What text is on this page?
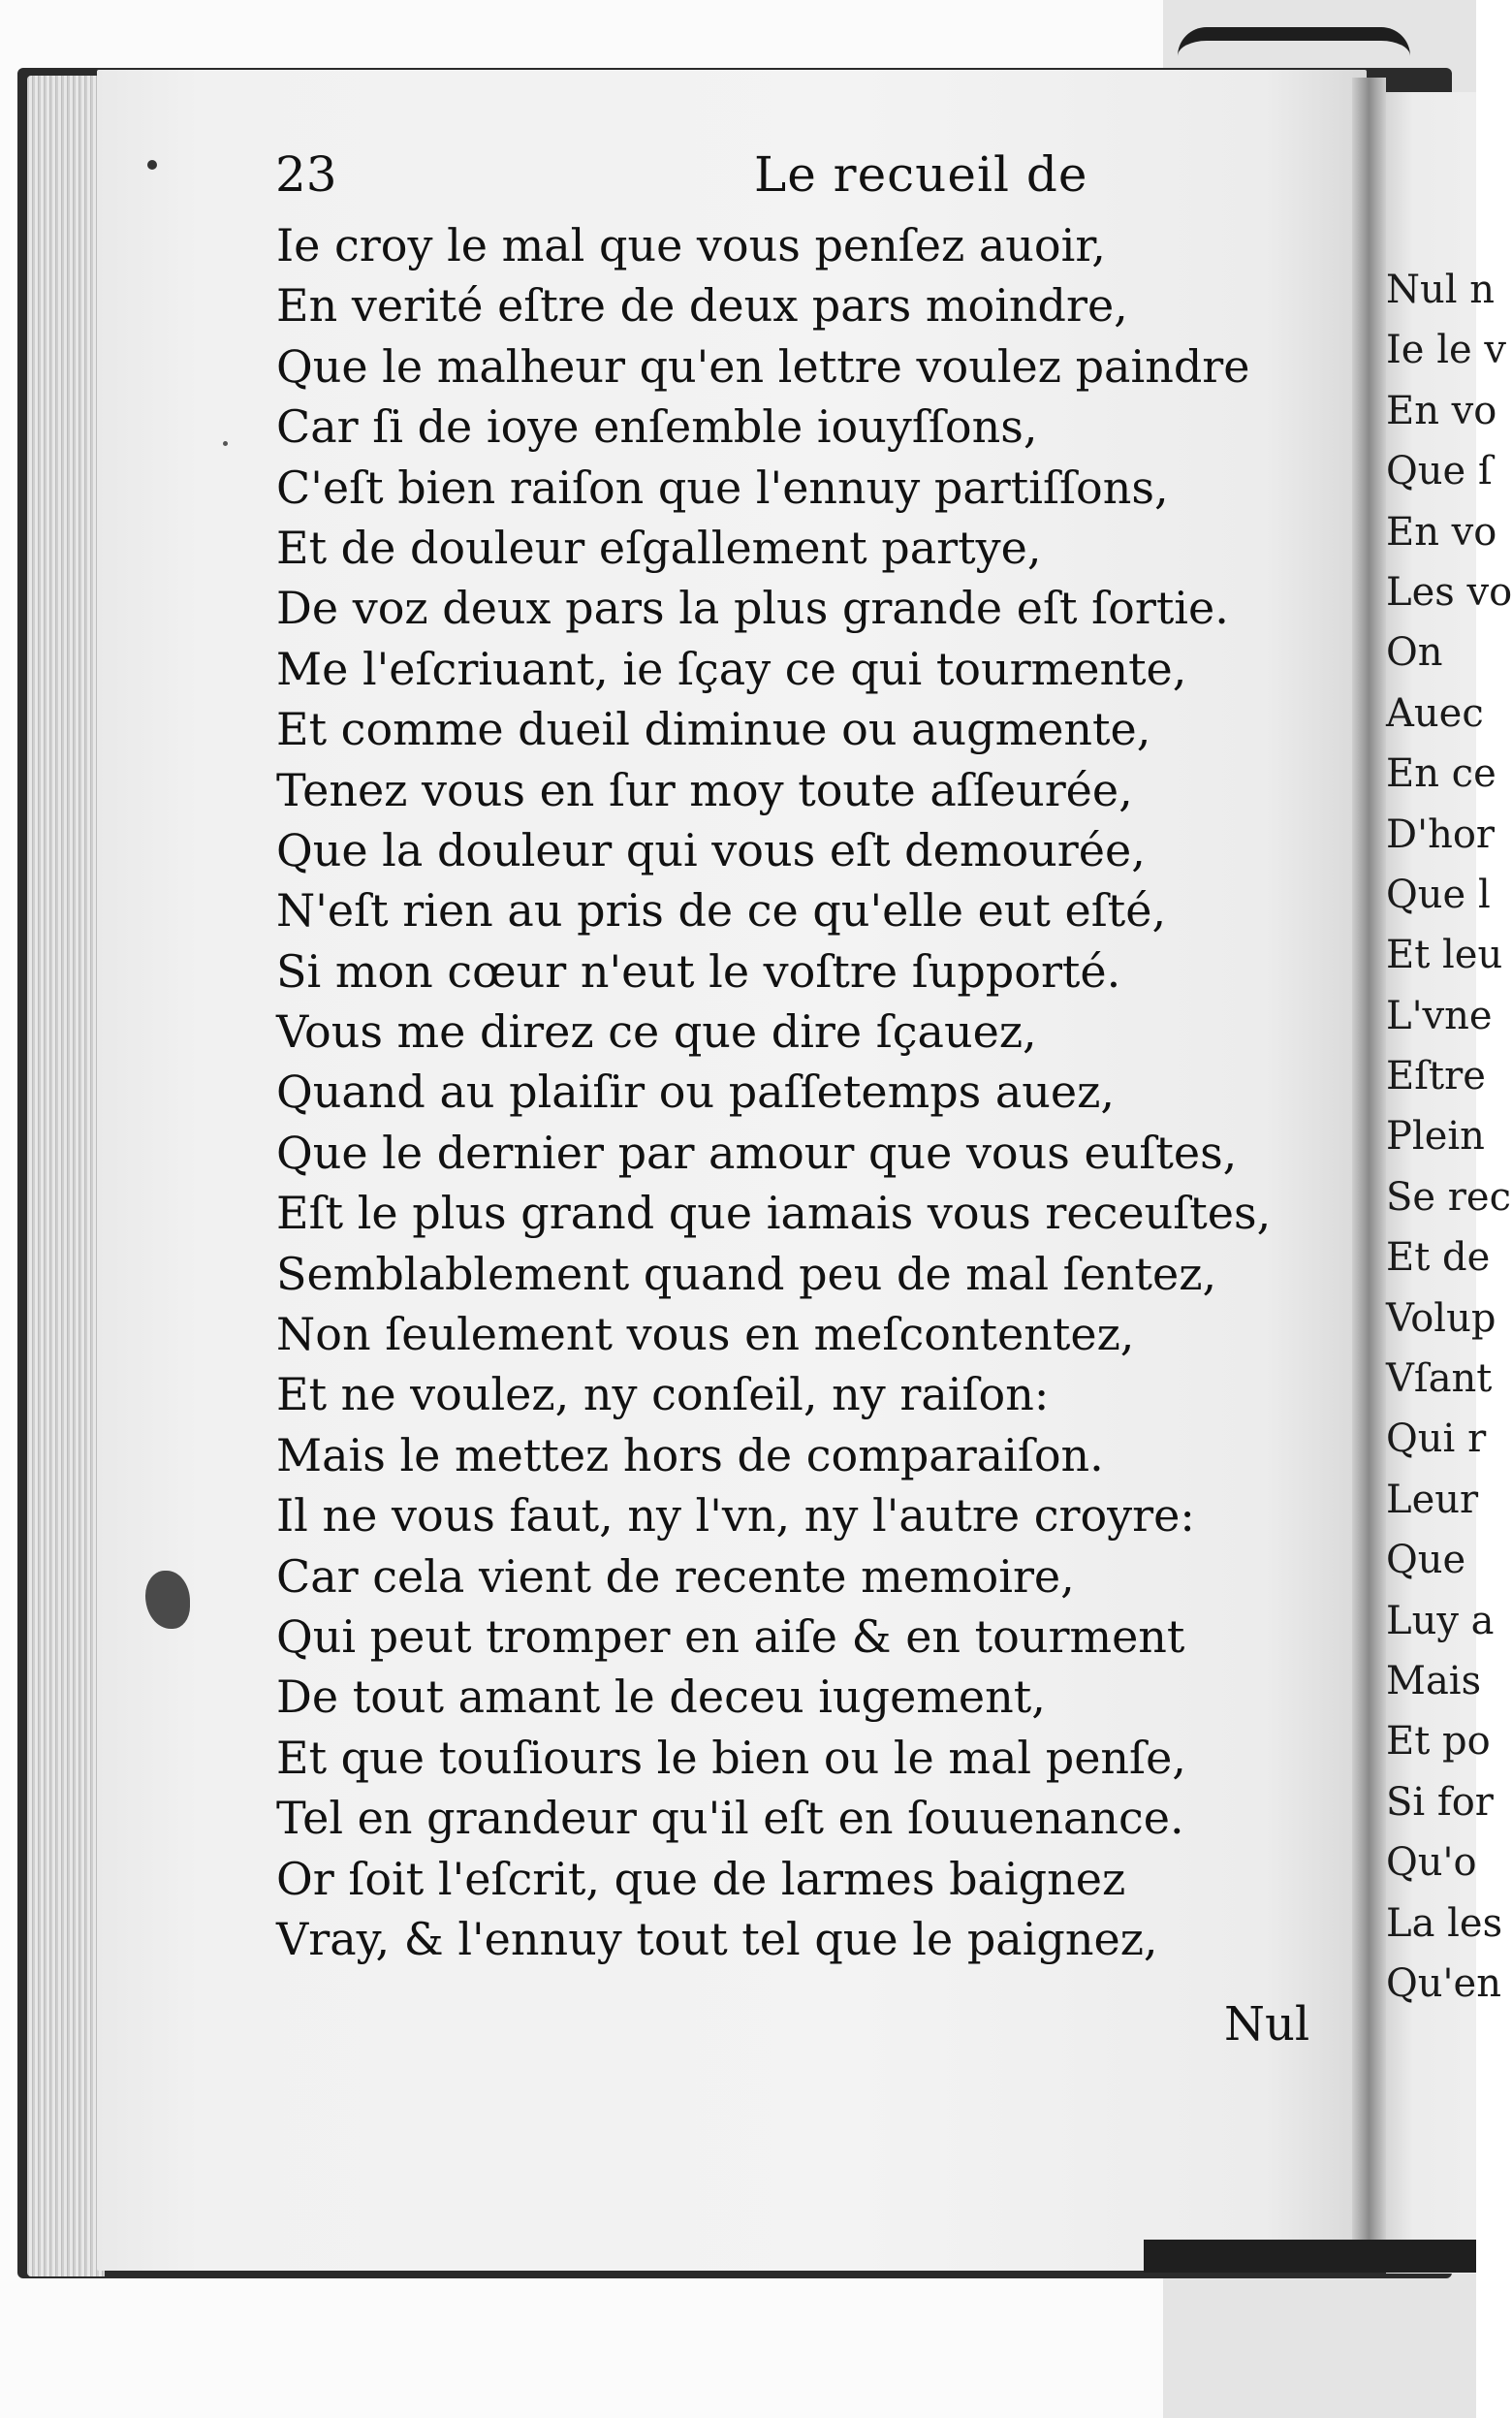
23	Le recueil de
Ie croy le mal que vous penſez auoir,
En verité eſtre de deux pars moindre,
Que le malheur qu'en lettre voulez paindre
Car ſi de ioye enſemble iouyſſons,
C'eſt bien raiſon que l'ennuy partiſſons,
Et de douleur eſgallement partye,
De voz deux pars la plus grande eſt ſortie.
Me l'eſcriuant, ie ſçay ce qui tourmente,
Et comme dueil diminue ou augmente,
Tenez vous en ſur moy toute aſſeurée,
Que la douleur qui vous eſt demourée,
N'eſt rien au pris de ce qu'elle eut eſté,
Si mon cœur n'eut le voſtre ſupporté.
Vous me direz ce que dire ſçauez,
Quand au plaiſir ou paſſetemps auez,
Que le dernier par amour que vous euſtes,
Eſt le plus grand que iamais vous receuſtes,
Semblablement quand peu de mal ſentez,
Non ſeulement vous en meſcontentez,
Et ne voulez, ny conſeil, ny raiſon:
Mais le mettez hors de comparaiſon.
Il ne vous faut, ny l'vn, ny l'autre croyre:
Car cela vient de recente memoire,
Qui peut tromper en aiſe & en tourment
De tout amant le deceu iugement,
Et que touſiours le bien ou le mal penſe,
Tel en grandeur qu'il eſt en ſouuenance.
Or ſoit l'eſcrit, que de larmes baignez
Vray, & l'ennuy tout tel que le paignez,
Nul
Nul n
Ie le v
En vo
Que ſ
En vo
Les vo
On
Auec
En ce
D'hor
Que l
Et leu
L'vne
Eſtre
Plein
Se rec
Et de
Volup
Vſant
Qui r
Leur
Que
Luy a
Mais
Et po
Si for
Qu'o
La les
Qu'en
